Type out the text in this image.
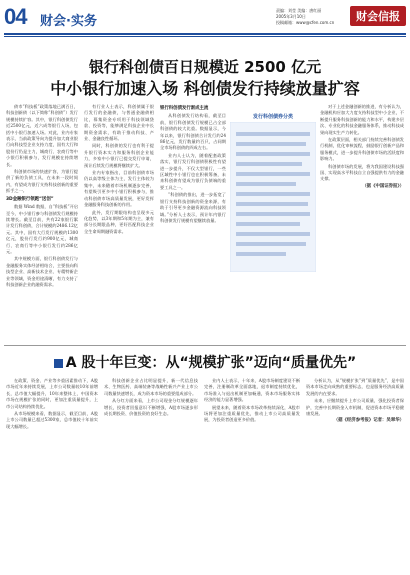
04 财会·实务
责编：刘莹 美编：唐红丽
2005年3月10日
投稿邮箱：www@cfen.com.cn	财会信报
银行科创债百日规模近 2500 亿元
中小银行加速入场 科创债发行持续放量扩容

债市“科技板”政策落地已满百日，科技创新债（以下简称“科创债”）发行规模持续扩容。其中，银行科创债发行近2500亿元，近六成等银行入场，包括中小银行加速入场。对此，业内专家表示，当前政策导向为提升加大商业银行向科技型企业支持力度，国有大行和股份行仍是主力，城商行、农商行等中小银行积极参与，发行规模在持续增长。

科创债市场的快速扩容，为银行提供了新的负债工具，在未来一段时间内，有望成为银行支持科技创新的重要抓手之一。

3D金融银行领跑“送创”

数据 Wind 数据，自“科技板”开启至今，中小银行参与科创债发行规模持续增长。截至目前，共有22家银行累计发行科创债，合计规模约2486.12亿元。其中，国有大行发行规模约1300亿元，股份行发行约900亿元，城商行、农商行等中小银行发行约286亿元。

其中规模方面，银行科创债发行与金融服务实体经济相结合，主要投向科技型企业、高新技术企业、专精特新企业等领域，资金用途清晰，有力支持了科技创新企业的融资需求。

有行业人士表示，科创债属于银行发行的金融债，与普通金融债相比，募集资金专项用于科技领域贷款、投资等，能够满足科技企业中长期资金需求，有助于推动科技、产业、金融良性循环。

同时，科创债的发行也有利于提升银行资本实力和服务科创企业能力，多家中小银行已提交发行申请，预计后续发行规模将继续扩大。

业内专家指出，目前科创债市场仍以高等级主体为主，发行主体较为集中，未来随着市场机制逐步完善，有望吸引更多中小银行积极参与，推动科创债市场高质量发展，更好发挥金融服务科技创新的作用。

此外，发行期限结构也呈现多元化趋势，以3年期和5年期为主，兼有部分长期限品种，更好匹配科技企业全生命周期融资需求。

银行科创债发行渐成主流

从科创债发行结构看，截至目前，银行科创债发行规模已占全部科创债的较大比重。数据显示，今年以来，银行科创债合计发行约2486亿元，发行数量约百只，占同期全市场科创债的四成左右。

业内人士认为，随着配套政策落实，银行发行科创债积极性有望进一步提升，不仅大型银行，一些区域性中小银行也在积极筹备，未来科创债有望成为银行负债端的重要工具之一。

“科创债的推出，进一步拓宽了银行支持科技创新的资金来源，有助于引导更多金融资源流向科技领域。”分析人士表示，预计年内银行科创债发行规模有望继续放量。

发行科创债券分类

对于上述金融创新的推进，有分析认为，金融机构应加大力度支持科技型中小企业，不断提升服务科技创新的能力和水平，构建多层次、专业化的科技金融服务体系，推动科技成果向现实生产力转化。

在政策层面，相关部门持续完善科创债发行机制，优化审核流程，鼓励银行创新产品和服务模式，进一步提升科创债市场的活跃度和影响力。

科创债市场的发展，将为我国建设科技强国、实现高水平科技自立自强提供有力的金融支撑。

（据《中国证券报》）
A 股十年巨变：从“规模扩张”迈向“质量优先”

在政策、资金、产业等多重因素推动下，A股市场近年来持续发展，上市公司数量较10年前增长，总市值大幅提升，10年来整体上，中国资本市场在规模扩张的同时，更加注重质量提升，上市公司结构持续优化。

从市场规模来看，数据显示，截至目前，A股上市公司数量已超过5300家，总市值较十年前实现大幅增长。

科技创新企业占比明显提升，新一代信息技术、生物医药、高端装备等战略性新兴产业上市公司数量快速增长，成为资本市场的重要组成部分。

从分红方面来看，上市公司现金分红规模逐年增长，投资者回报意识不断增强，A股市场逐步形成长期投资、价值投资的良好生态。

业内人士表示，十年来，A股市场制度建设不断完善，注册制改革全面落地，退市制度持续优化，市场准入与退出机制更加畅通，资本市场服务实体经济的能力显著增强。

展望未来，随着资本市场改革持续深化，A股市场将更加注重质量优先，推动上市公司高质量发展，为投资者创造更多价值。

分析认为，从“规模扩张”到“质量优先”，是中国资本市场走向成熟的重要标志，也是服务经济高质量发展的内在要求。

未来，应继续提升上市公司质量，强化投资者保护，完善中长期资金入市机制，促进资本市场平稳健康发展。

（据《经济参考报》记者：吴翠华）
